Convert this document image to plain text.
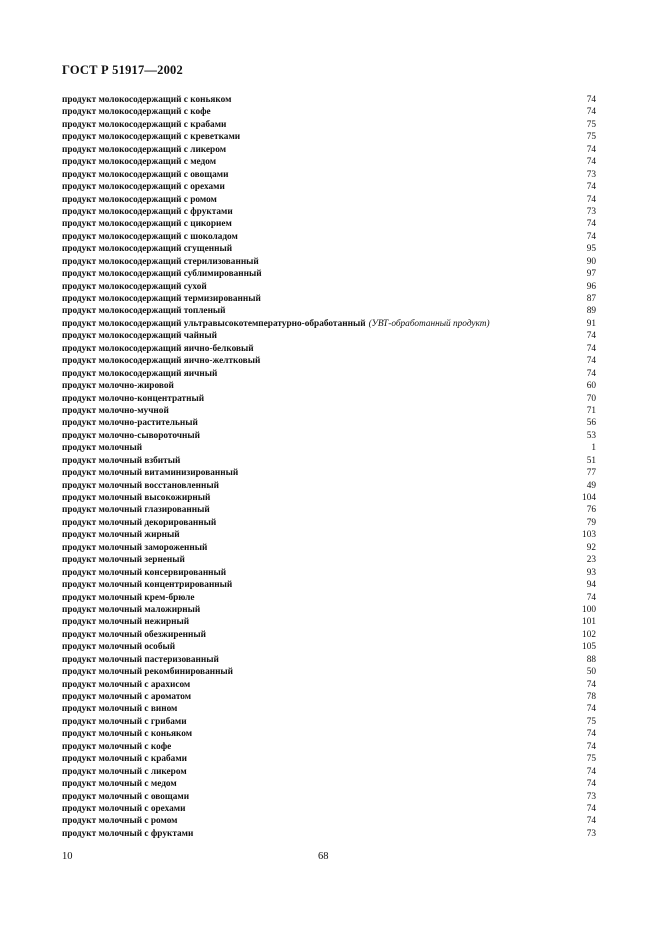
ГОСТ Р 51917—2002
продукт молокосодержащий с коньяком	74
продукт молокосодержащий с кофе	74
продукт молокосодержащий с крабами	75
продукт молокосодержащий с креветками	75
продукт молокосодержащий с ликером	74
продукт молокосодержащий с медом	74
продукт молокосодержащий с овощами	73
продукт молокосодержащий с орехами	74
продукт молокосодержащий с ромом	74
продукт молокосодержащий с фруктами	73
продукт молокосодержащий с цикорием	74
продукт молокосодержащий с шоколадом	74
продукт молокосодержащий сгущенный	95
продукт молокосодержащий стерилизованный	90
продукт молокосодержащий сублимированный	97
продукт молокосодержащий сухой	96
продукт молокосодержащий термизированный	87
продукт молокосодержащий топленый	89
продукт молокосодержащий ультравысокотемпературно-обработанный (УВТ-обработанный продукт)	91
продукт молокосодержащий чайный	74
продукт молокосодержащий яично-белковый	74
продукт молокосодержащий яично-желтковый	74
продукт молокосодержащий яичный	74
продукт молочно-жировой	60
продукт молочно-концентратный	70
продукт молочно-мучной	71
продукт молочно-растительный	56
продукт молочно-сывороточный	53
продукт молочный	1
продукт молочный взбитый	51
продукт молочный витаминизированный	77
продукт молочный восстановленный	49
продукт молочный высокожирный	104
продукт молочный глазированный	76
продукт молочный декорированный	79
продукт молочный жирный	103
продукт молочный замороженный	92
продукт молочный зерненый	23
продукт молочный консервированный	93
продукт молочный концентрированный	94
продукт молочный крем-брюле	74
продукт молочный маложирный	100
продукт молочный нежирный	101
продукт молочный обезжиренный	102
продукт молочный особый	105
продукт молочный пастеризованный	88
продукт молочный рекомбинированный	50
продукт молочный с арахисом	74
продукт молочный с ароматом	78
продукт молочный с вином	74
продукт молочный с грибами	75
продукт молочный с коньяком	74
продукт молочный с кофе	74
продукт молочный с крабами	75
продукт молочный с ликером	74
продукт молочный с медом	74
продукт молочный с овощами	73
продукт молочный с орехами	74
продукт молочный с ромом	74
продукт молочный с фруктами	73
10	68
